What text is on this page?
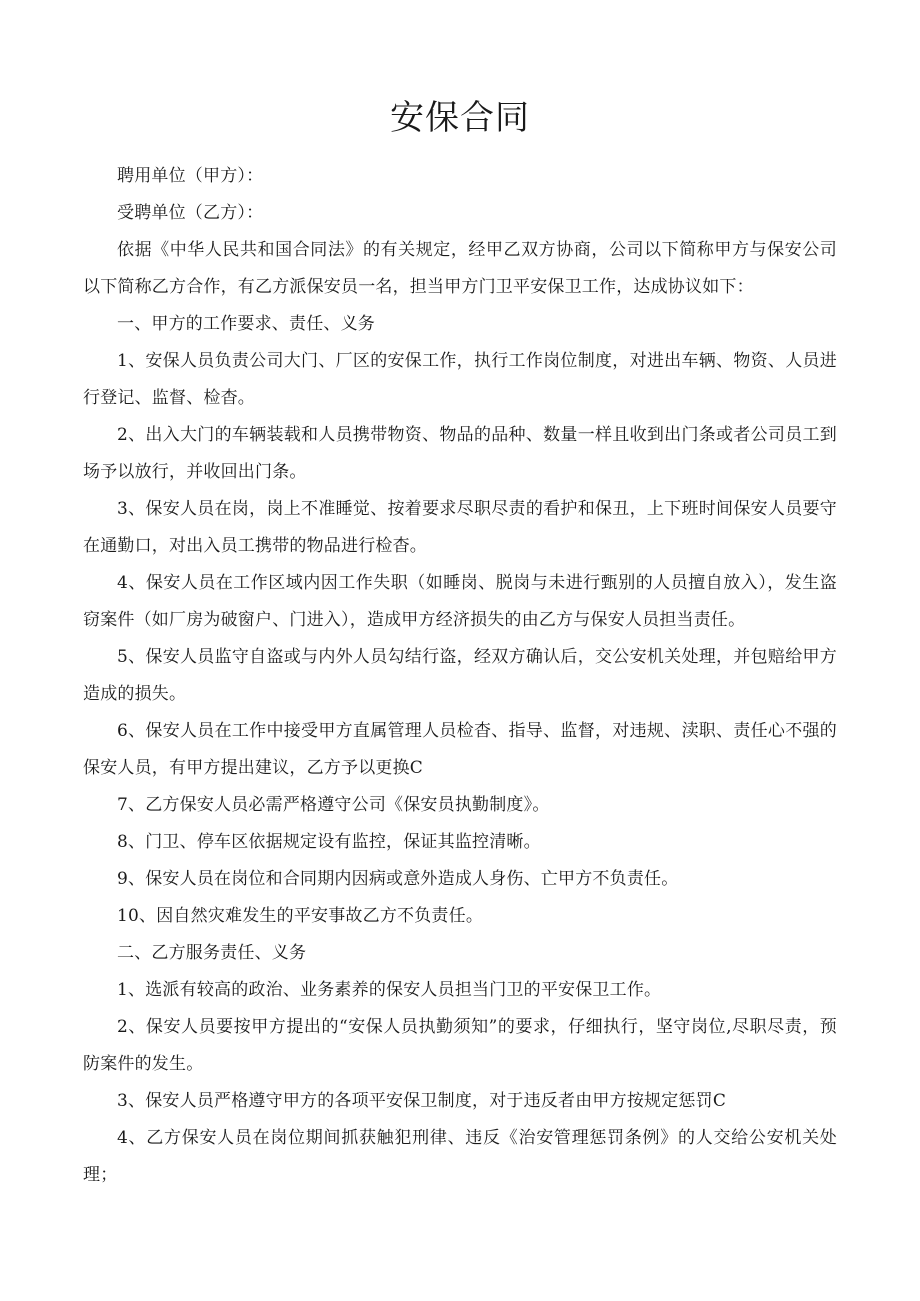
安保合同

聘用单位（甲方）：

受聘单位（乙方）：

依据《中华人民共和国合同法》的有关规定，经甲乙双方协商，公司以下简称甲方与保安公司以下简称乙方合作，有乙方派保安员一名，担当甲方门卫平安保卫工作，达成协议如下：

一、甲方的工作要求、责任、义务

1、安保人员负责公司大门、厂区的安保工作，执行工作岗位制度，对进出车辆、物资、人员进行登记、监督、检杳。

2、出入大门的车辆装载和人员携带物资、物品的品种、数量一样且收到出门条或者公司员工到场予以放行，并收回出门条。

3、保安人员在岗，岗上不准睡觉、按着要求尽职尽责的看护和保丑，上下班时间保安人员要守在通勤口，对出入员工携带的物品进行检杳。

4、保安人员在工作区域内因工作失职（如睡岗、脱岗与未进行甄别的人员擅自放入），发生盗窃案件（如厂房为破窗户、门进入），造成甲方经济损失的由乙方与保安人员担当责任。

5、保安人员监守自盗或与内外人员勾结行盗，经双方确认后，交公安机关处理，并包赔给甲方造成的损失。

6、保安人员在工作中接受甲方直属管理人员检杳、指导、监督，对违规、渎职、责任心不强的保安人员，有甲方提出建议，乙方予以更换C

7、乙方保安人员必需严格遵守公司《保安员执勤制度》。

8、门卫、停车区依据规定设有监控，保证其监控清晰。

9、保安人员在岗位和合同期内因病或意外造成人身伤、亡甲方不负责任。

10、因自然灾难发生的平安事故乙方不负责任。

二、乙方服务责任、义务

1、选派有较高的政治、业务素养的保安人员担当门卫的平安保卫工作。

2、保安人员要按甲方提出的“安保人员执勤须知”的要求，仔细执行，坚守岗位,尽职尽责，预防案件的发生。

3、保安人员严格遵守甲方的各项平安保卫制度，对于违反者由甲方按规定惩罚C

4、乙方保安人员在岗位期间抓获触犯刑律、违反《治安管理惩罚条例》的人交给公安机关处理；
